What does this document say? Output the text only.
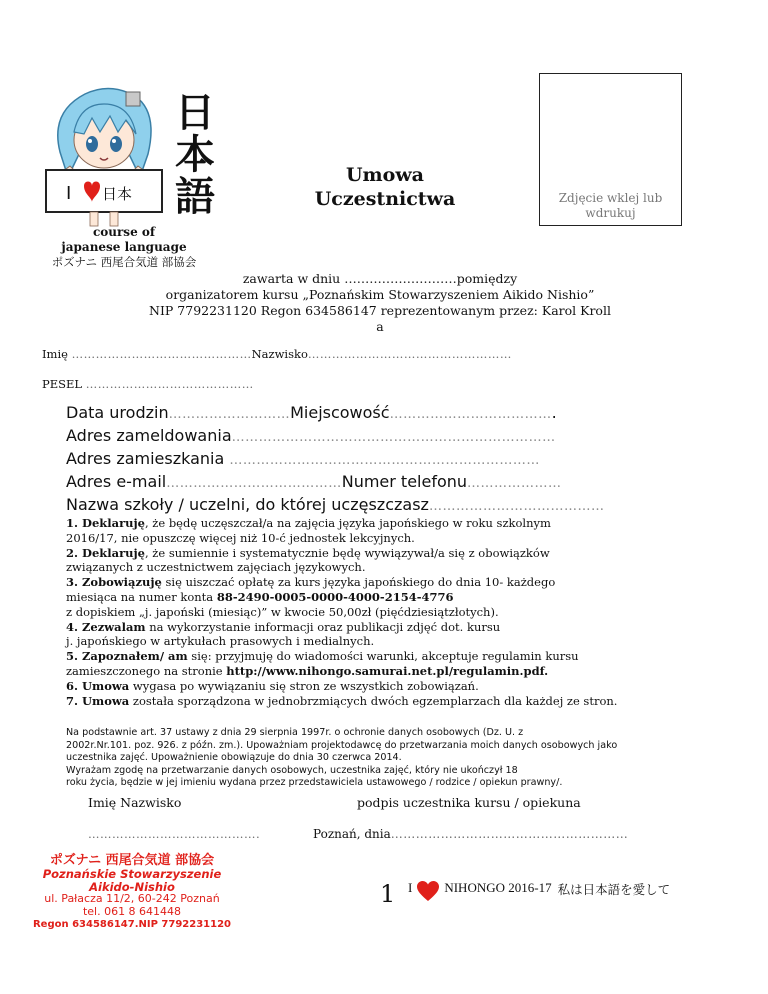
I 日本
日
本
語	Umowa
Uczestnictwa	Zdjęcie wklej lub
wdrukuj
course of
japanese language
ポズナニ 西尾合気道 部協会
zawarta w dniu ………………………pomiędzy
organizatorem kursu „Poznańskim Stowarzyszeniem Aikido Nishio”
NIP 7792231120 Regon 634586147 reprezentowanym przez: Karol Kroll
a
Imię ………………………………………Nazwisko……………………………………………
PESEL ……………………………………
Data urodzin………………………Miejscowość……………………………….
Adres zameldowania………………………………………………………………
Adres zamieszkania ……………………………………………………………
Adres e-mail…………………………………Numer telefonu…………………
Nazwa szkoły / uczelni, do której uczęszczasz…………………………………
1. Deklaruję, że będę uczęszczał/a na zajęcia języka japońskiego w roku szkolnym
2016/17, nie opuszczę więcej niż 10-ć jednostek lekcyjnych.
2. Deklaruję, że sumiennie i systematycznie będę wywiązywał/a się z obowiązków
związanych z uczestnictwem zajęciach językowych.
3. Zobowiązuję się uiszczać opłatę za kurs języka japońskiego do dnia 10- każdego
miesiąca na numer konta 88-2490-0005-0000-4000-2154-4776
z dopiskiem „j. japoński (miesiąc)” w kwocie 50,00zł (pięćdziesiątzłotych).
4. Zezwalam na wykorzystanie informacji oraz publikacji zdjęć dot. kursu
j. japońskiego w artykułach prasowych i medialnych.
5. Zapoznałem/ am się: przyjmuję do wiadomości warunki, akceptuje regulamin kursu
zamieszczonego na stronie http://www.nihongo.samurai.net.pl/regulamin.pdf.
6. Umowa wygasa po wywiązaniu się stron ze wszystkich zobowiązań.
7. Umowa została sporządzona w jednobrzmiących dwóch egzemplarzach dla każdej ze stron.
Na podstawnie art. 37 ustawy z dnia 29 sierpnia 1997r. o ochronie danych osobowych (Dz. U. z
2002r.Nr.101. poz. 926. z późn. zm.). Upoważniam projektodawcę do przetwarzania moich danych osobowych jako
uczestnika zajęć. Upoważnienie obowiązuje do dnia 30 czerwca 2014.
Wyrażam zgodę na przetwarzanie danych osobowych, uczestnika zajęć, który nie ukończył 18
roku życia, będzie w jej imieniu wydana przez przedstawiciela ustawowego / rodzice / opiekun prawny/.
Imię Nazwisko	podpis uczestnika kursu / opiekuna
…………………………………….	Poznań, dnia…………………………………………………
ポズナニ 西尾合気道 部協会
Poznańskie Stowarzyszenie
Aikido-Nishio
ul. Pałacza 11/2, 60-242 Poznań
tel. 061 8 641448
Regon 634586147.NIP 7792231120
1 I NIHONGO 2016-17 私は日本語を愛して
